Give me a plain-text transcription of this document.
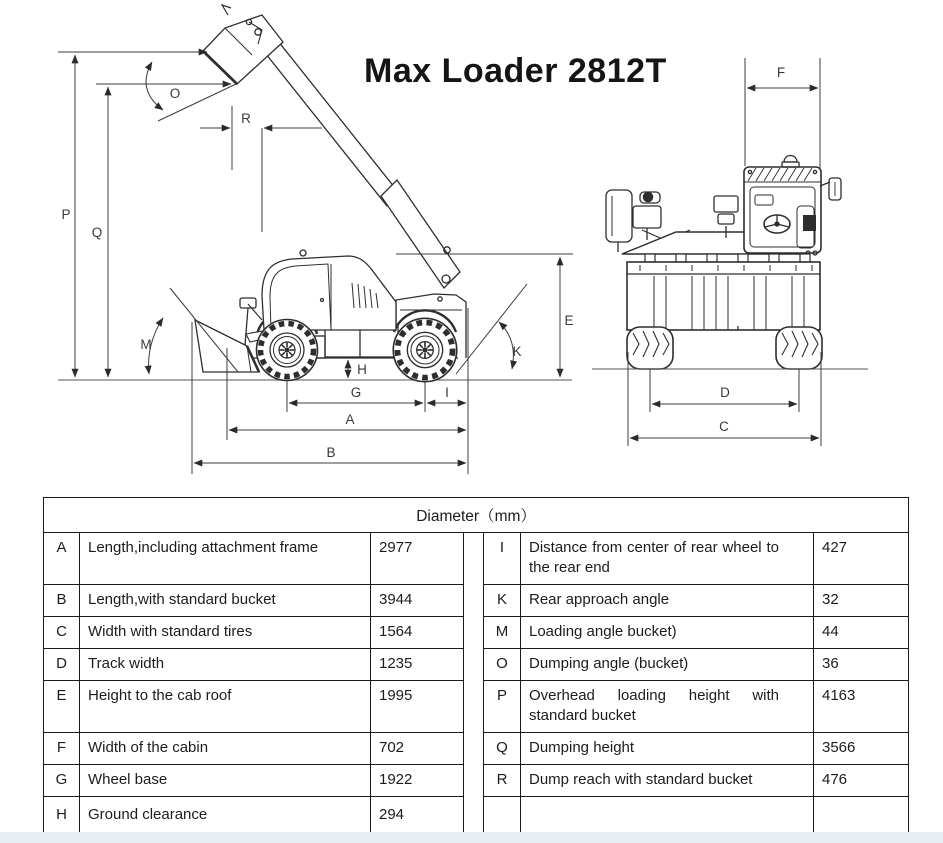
P
Q
O
R
M	K
E
H
G	I
A
B
F
D
C
Max Loader 2812T
Diameter（mm）						
A	Length,including attachment frame	2977		I	Distance from center of rear wheel to the rear end	427
B	Length,with standard bucket	3944		K	Rear approach angle	32
C	Width with standard tires	1564		M	Loading angle bucket)	44
D	Track width	1235		O	Dumping angle (bucket)	36
E	Height to the cab roof	1995		P	Overhead loading height with standard bucket	4163
F	Width of the cabin	702		Q	Dumping height	3566
G	Wheel base	1922		R	Dump reach with standard bucket	476
H	Ground clearance	294				
